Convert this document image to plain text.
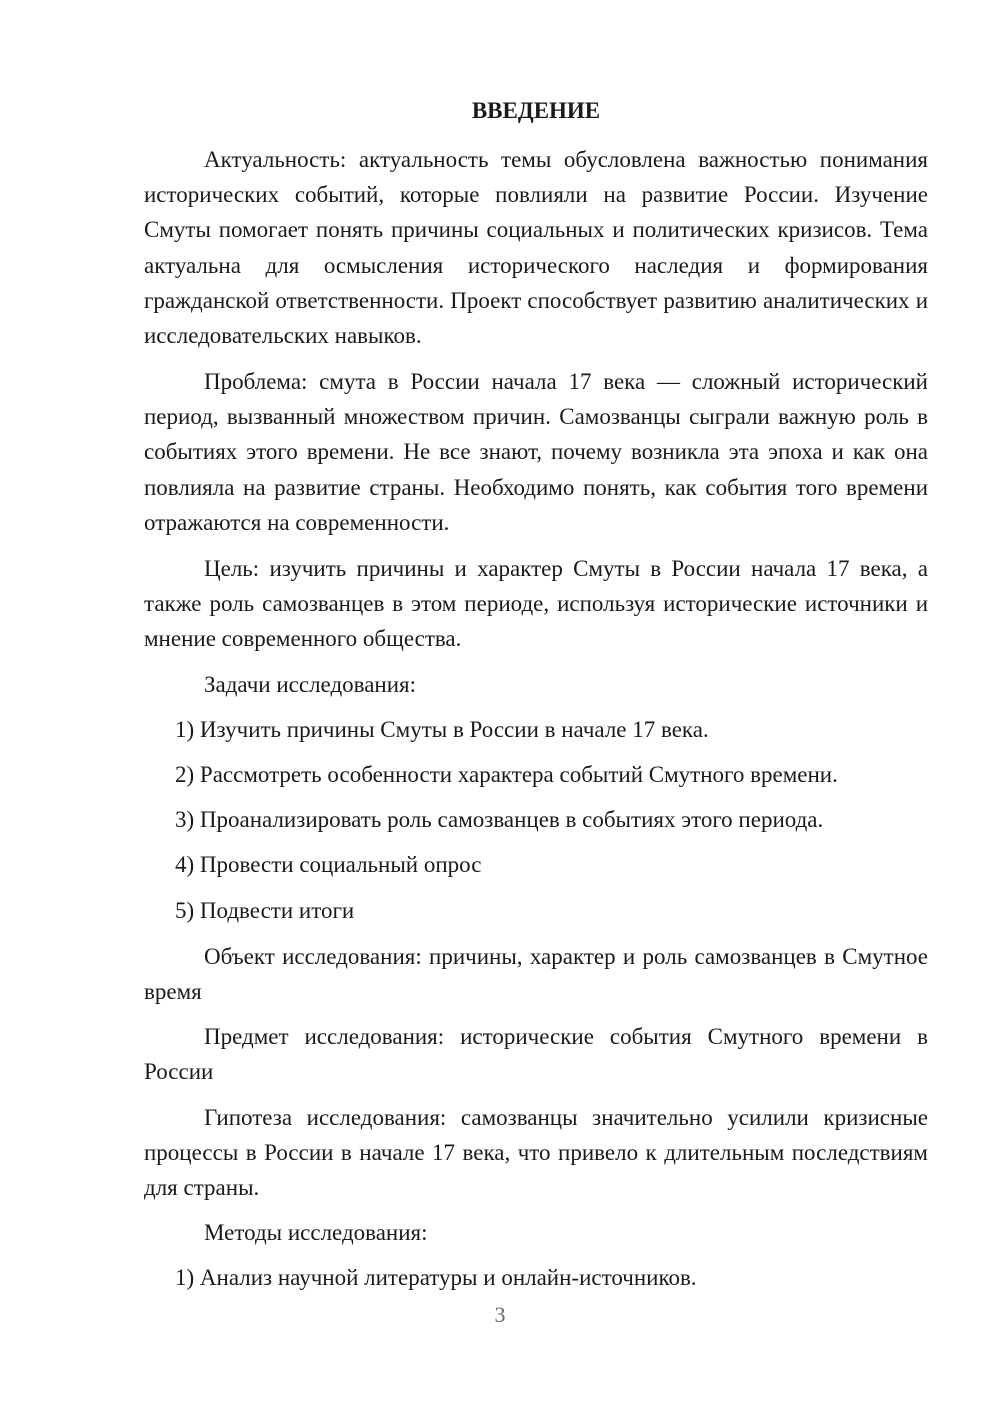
ВВЕДЕНИЕ

Актуальность: актуальность темы обусловлена важностью понимания исторических событий, которые повлияли на развитие России. Изучение Смуты помогает понять причины социальных и политических кризисов. Тема актуальна для осмысления исторического наследия и формирования гражданской ответственности. Проект способствует развитию аналитических и исследовательских навыков.

Проблема: смута в России начала 17 века — сложный исторический период, вызванный множеством причин. Самозванцы сыграли важную роль в событиях этого времени. Не все знают, почему возникла эта эпоха и как она повлияла на развитие страны. Необходимо понять, как события того времени отражаются на современности.

Цель: изучить причины и характер Смуты в России начала 17 века, а также роль самозванцев в этом периоде, используя исторические источники и мнение современного общества.

Задачи исследования:

1) Изучить причины Смуты в России в начале 17 века.

2) Рассмотреть особенности характера событий Смутного времени.

3) Проанализировать роль самозванцев в событиях этого периода.

4) Провести социальный опрос

5) Подвести итоги

Объект исследования: причины, характер и роль самозванцев в Смутное время

Предмет исследования: исторические события Смутного времени в России

Гипотеза исследования: самозванцы значительно усилили кризисные процессы в России в начале 17 века, что привело к длительным последствиям для страны.

Методы исследования:

1) Анализ научной литературы и онлайн-источников.

3
